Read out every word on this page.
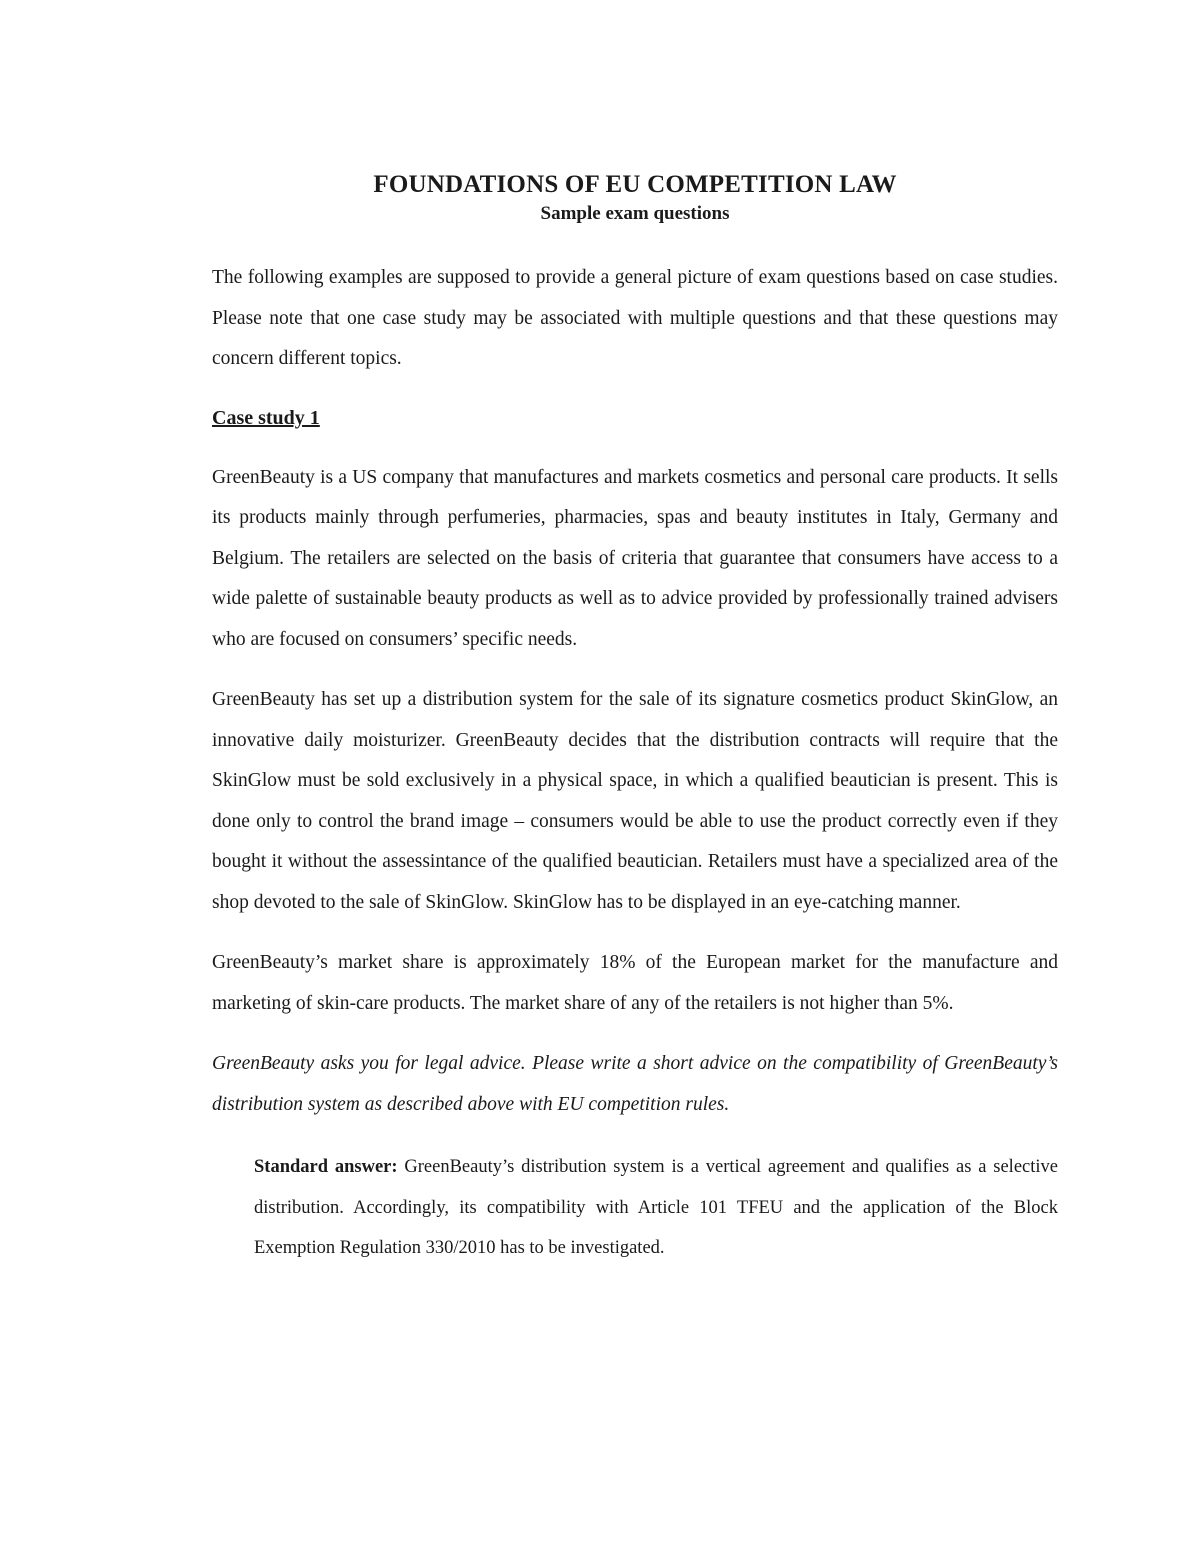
FOUNDATIONS OF EU COMPETITION LAW
Sample exam questions

The following examples are supposed to provide a general picture of exam questions based on case studies. Please note that one case study may be associated with multiple questions and that these questions may concern different topics.

Case study 1

GreenBeauty is a US company that manufactures and markets cosmetics and personal care products. It sells its products mainly through perfumeries, pharmacies, spas and beauty institutes in Italy, Germany and Belgium. The retailers are selected on the basis of criteria that guarantee that consumers have access to a wide palette of sustainable beauty products as well as to advice provided by professionally trained advisers who are focused on consumers’ specific needs.

GreenBeauty has set up a distribution system for the sale of its signature cosmetics product SkinGlow, an innovative daily moisturizer. GreenBeauty decides that the distribution contracts will require that the SkinGlow must be sold exclusively in a physical space, in which a qualified beautician is present. This is done only to control the brand image – consumers would be able to use the product correctly even if they bought it without the assessintance of the qualified beautician. Retailers must have a specialized area of the shop devoted to the sale of SkinGlow. SkinGlow has to be displayed in an eye-catching manner.

GreenBeauty’s market share is approximately 18% of the European market for the manufacture and marketing of skin-care products. The market share of any of the retailers is not higher than 5%.

GreenBeauty asks you for legal advice. Please write a short advice on the compatibility of GreenBeauty’s distribution system as described above with EU competition rules.

Standard answer: GreenBeauty’s distribution system is a vertical agreement and qualifies as a selective distribution. Accordingly, its compatibility with Article 101 TFEU and the application of the Block Exemption Regulation 330/2010 has to be investigated.
